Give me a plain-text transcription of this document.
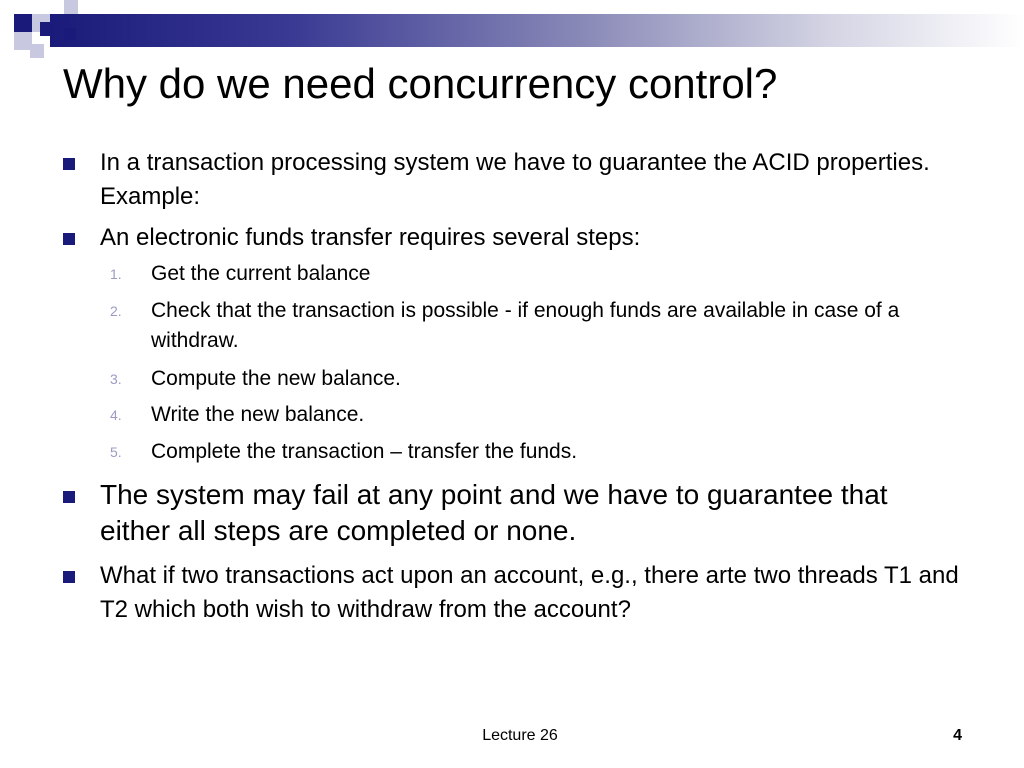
Why do we need concurrency control?

In a transaction processing system we have to guarantee the ACID properties. Example:

An electronic funds transfer requires several steps:

1.	Get the current balance

2.	Check that the transaction is possible - if enough funds are available in case of a withdraw.

3.	Compute the new balance.

4.	Write the new balance.

5.	Complete the transaction – transfer the funds.

The system may fail at any point and we have to guarantee that either all steps are completed or none.

What if two transactions act upon an account, e.g., there arte two threads T1 and T2 which both wish to withdraw from the account?

Lecture 26	4
